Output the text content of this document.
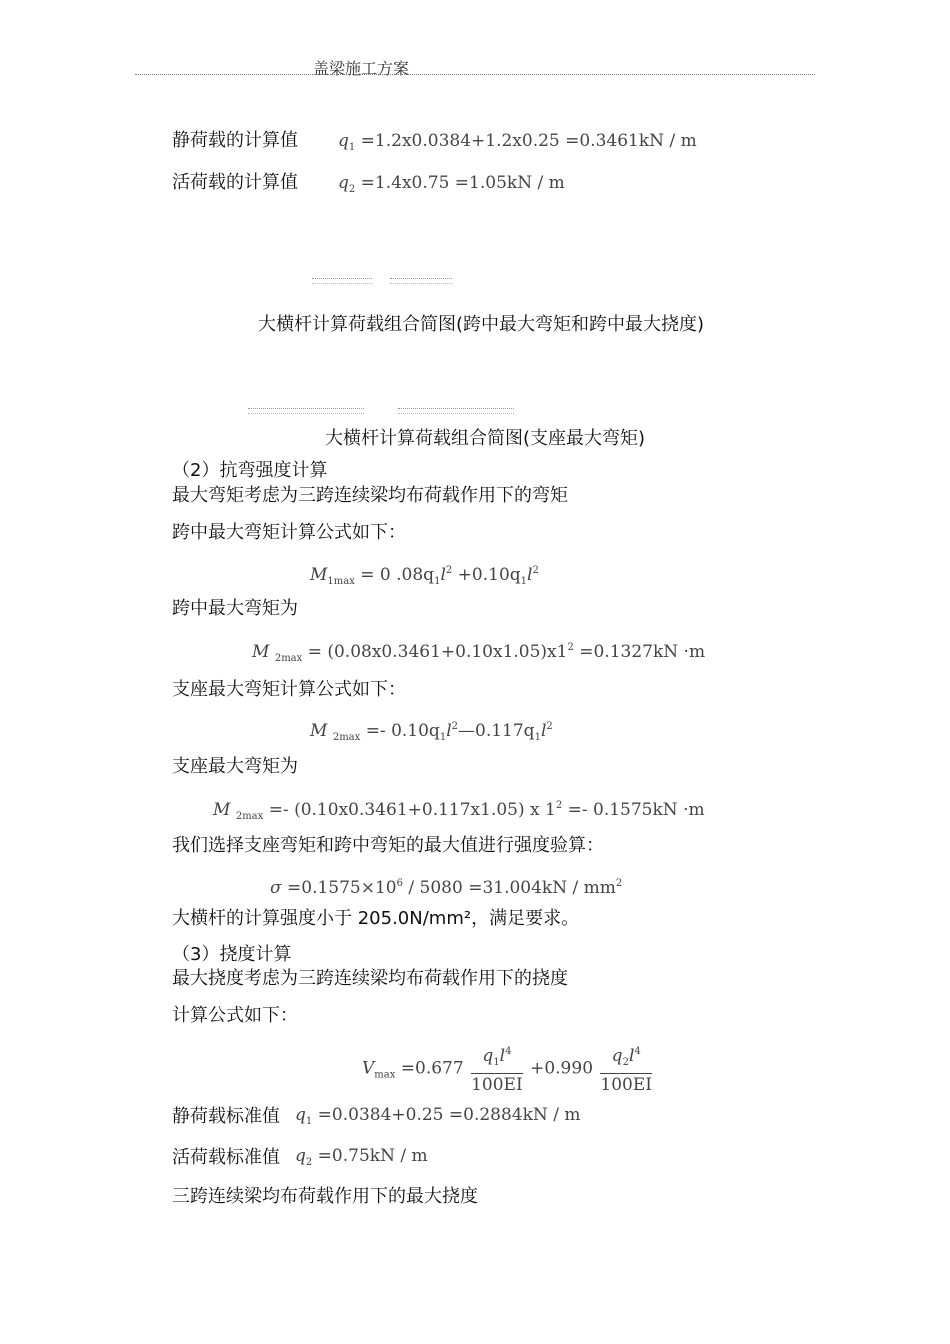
盖梁施工方案
静荷载的计算值 $q_1 =1.2x0.0384+1.2x0.25 =0.3461kN / m$
活荷载的计算值 $q_2 =1.4x0.75 =1.05kN / m$
大横杆计算荷载组合简图(跨中最大弯矩和跨中最大挠度)
大横杆计算荷载组合简图(支座最大弯矩)
（2）抗弯强度计算
最大弯矩考虑为三跨连续梁均布荷载作用下的弯矩
跨中最大弯矩计算公式如下：
$M_{1max} = 0$ $.08q_1l^2 +0.10q_1l^2$
跨中最大弯矩为
M $_{2max} = (0.08x0.3461+0.10x1.05)x1^2 =0.1327kN \cdot m$
支座最大弯矩计算公式如下：
M $_{2max} =- 0.10q_1l^2—0.117q_1l^2$
支座最大弯矩为
M $_{2max}$ =- (0.10x0.3461+0.117x1.05) x $1^2 =- 0.1575kN \cdot m$
我们选择支座弯矩和跨中弯矩的最大值进行强度验算：
$\sigma =0.1575\times 10^6 / 5080 =31.004kN / mm^2$
大横杆的计算强度小于 205.0N/mm²，满足要求。
（3）挠度计算
最大挠度考虑为三跨连续梁均布荷载作用下的挠度
计算公式如下：
$V_{max} =0.677 \frac{q_1l^4}{100EI} +0.990 \frac{q_2l^4}{100EI}$
静荷载标准值 $q_1 =0.0384+0.25 =0.2884kN / m$
活荷载标准值 $q_2 =0.75kN / m$
三跨连续梁均布荷载作用下的最大挠度
